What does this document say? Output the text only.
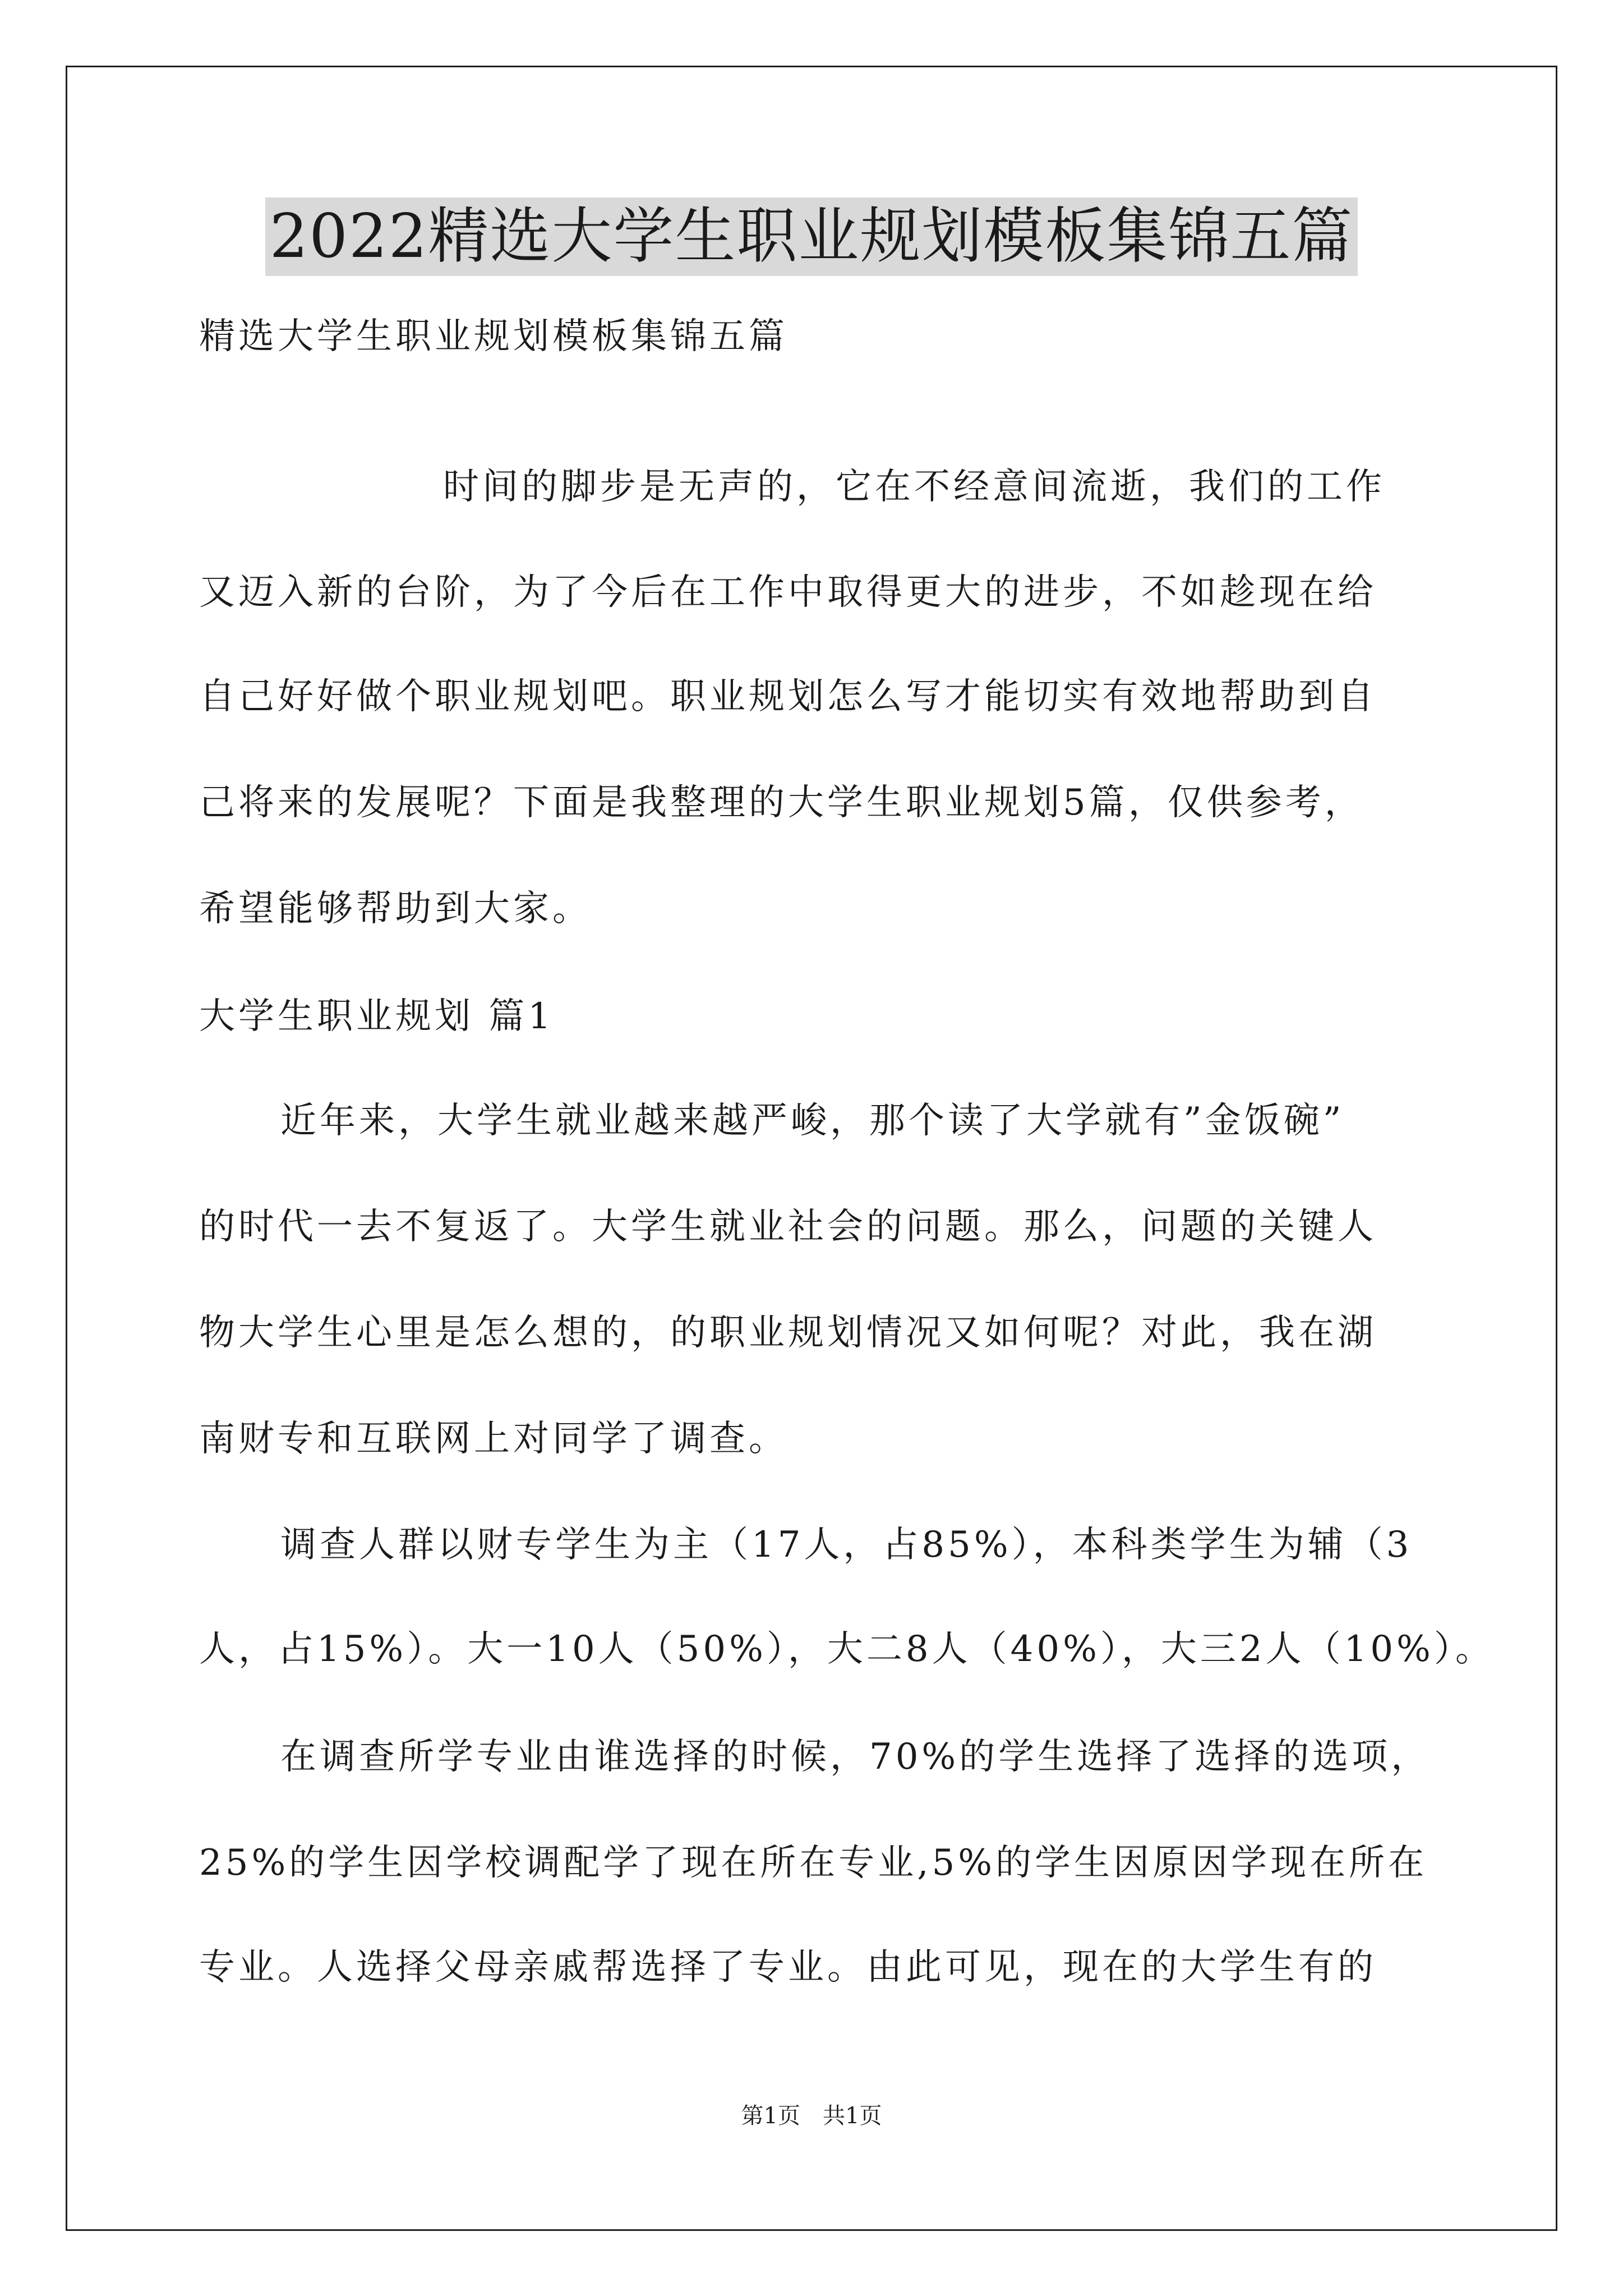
2022精选大学生职业规划模板集锦五篇
精选大学生职业规划模板集锦五篇
时间的脚步是无声的，它在不经意间流逝，我们的工作
又迈入新的台阶，为了今后在工作中取得更大的进步，不如趁现在给
自己好好做个职业规划吧。职业规划怎么写才能切实有效地帮助到自
己将来的发展呢？下面是我整理的大学生职业规划5篇，仅供参考，
希望能够帮助到大家。
大学生职业规划 篇1
近年来，大学生就业越来越严峻，那个读了大学就有”金饭碗”
的时代一去不复返了。大学生就业社会的问题。那么，问题的关键人
物大学生心里是怎么想的，的职业规划情况又如何呢？对此，我在湖
南财专和互联网上对同学了调查。
调查人群以财专学生为主（17人，占85%），本科类学生为辅（3
人，占15%）。大一10人（50%），大二8人（40%），大三2人（10%）。
在调查所学专业由谁选择的时候，70%的学生选择了选择的选项，
25%的学生因学校调配学了现在所在专业,5%的学生因原因学现在所在
专业。人选择父母亲戚帮选择了专业。由此可见，现在的大学生有的
第1页　共1页
